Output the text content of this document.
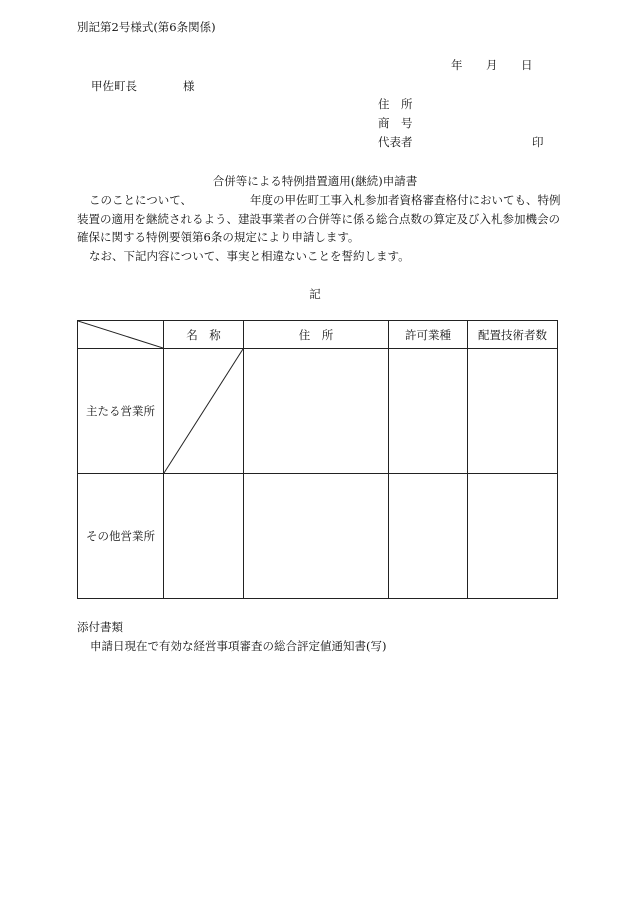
別記第2号様式(第6条関係)
年 月 日
甲佐町長	様
住　所
商　号
代表者	印
合併等による特例措置適用(継続)申請書

このことについて、	年度の甲佐町工事入札参加者資格審査格付においても、特例装置の適用を継続されるよう、建設事業者の合併等に係る総合点数の算定及び入札参加機会の確保に関する特例要領第6条の規定により申請します。

なお、下記内容について、事実と相違ないことを誓約します。

記
	名　称	住　所	許可業種	配置技術者数
主たる営業所	

その他営業所				
添付書類
申請日現在で有効な経営事項審査の総合評定値通知書(写)
